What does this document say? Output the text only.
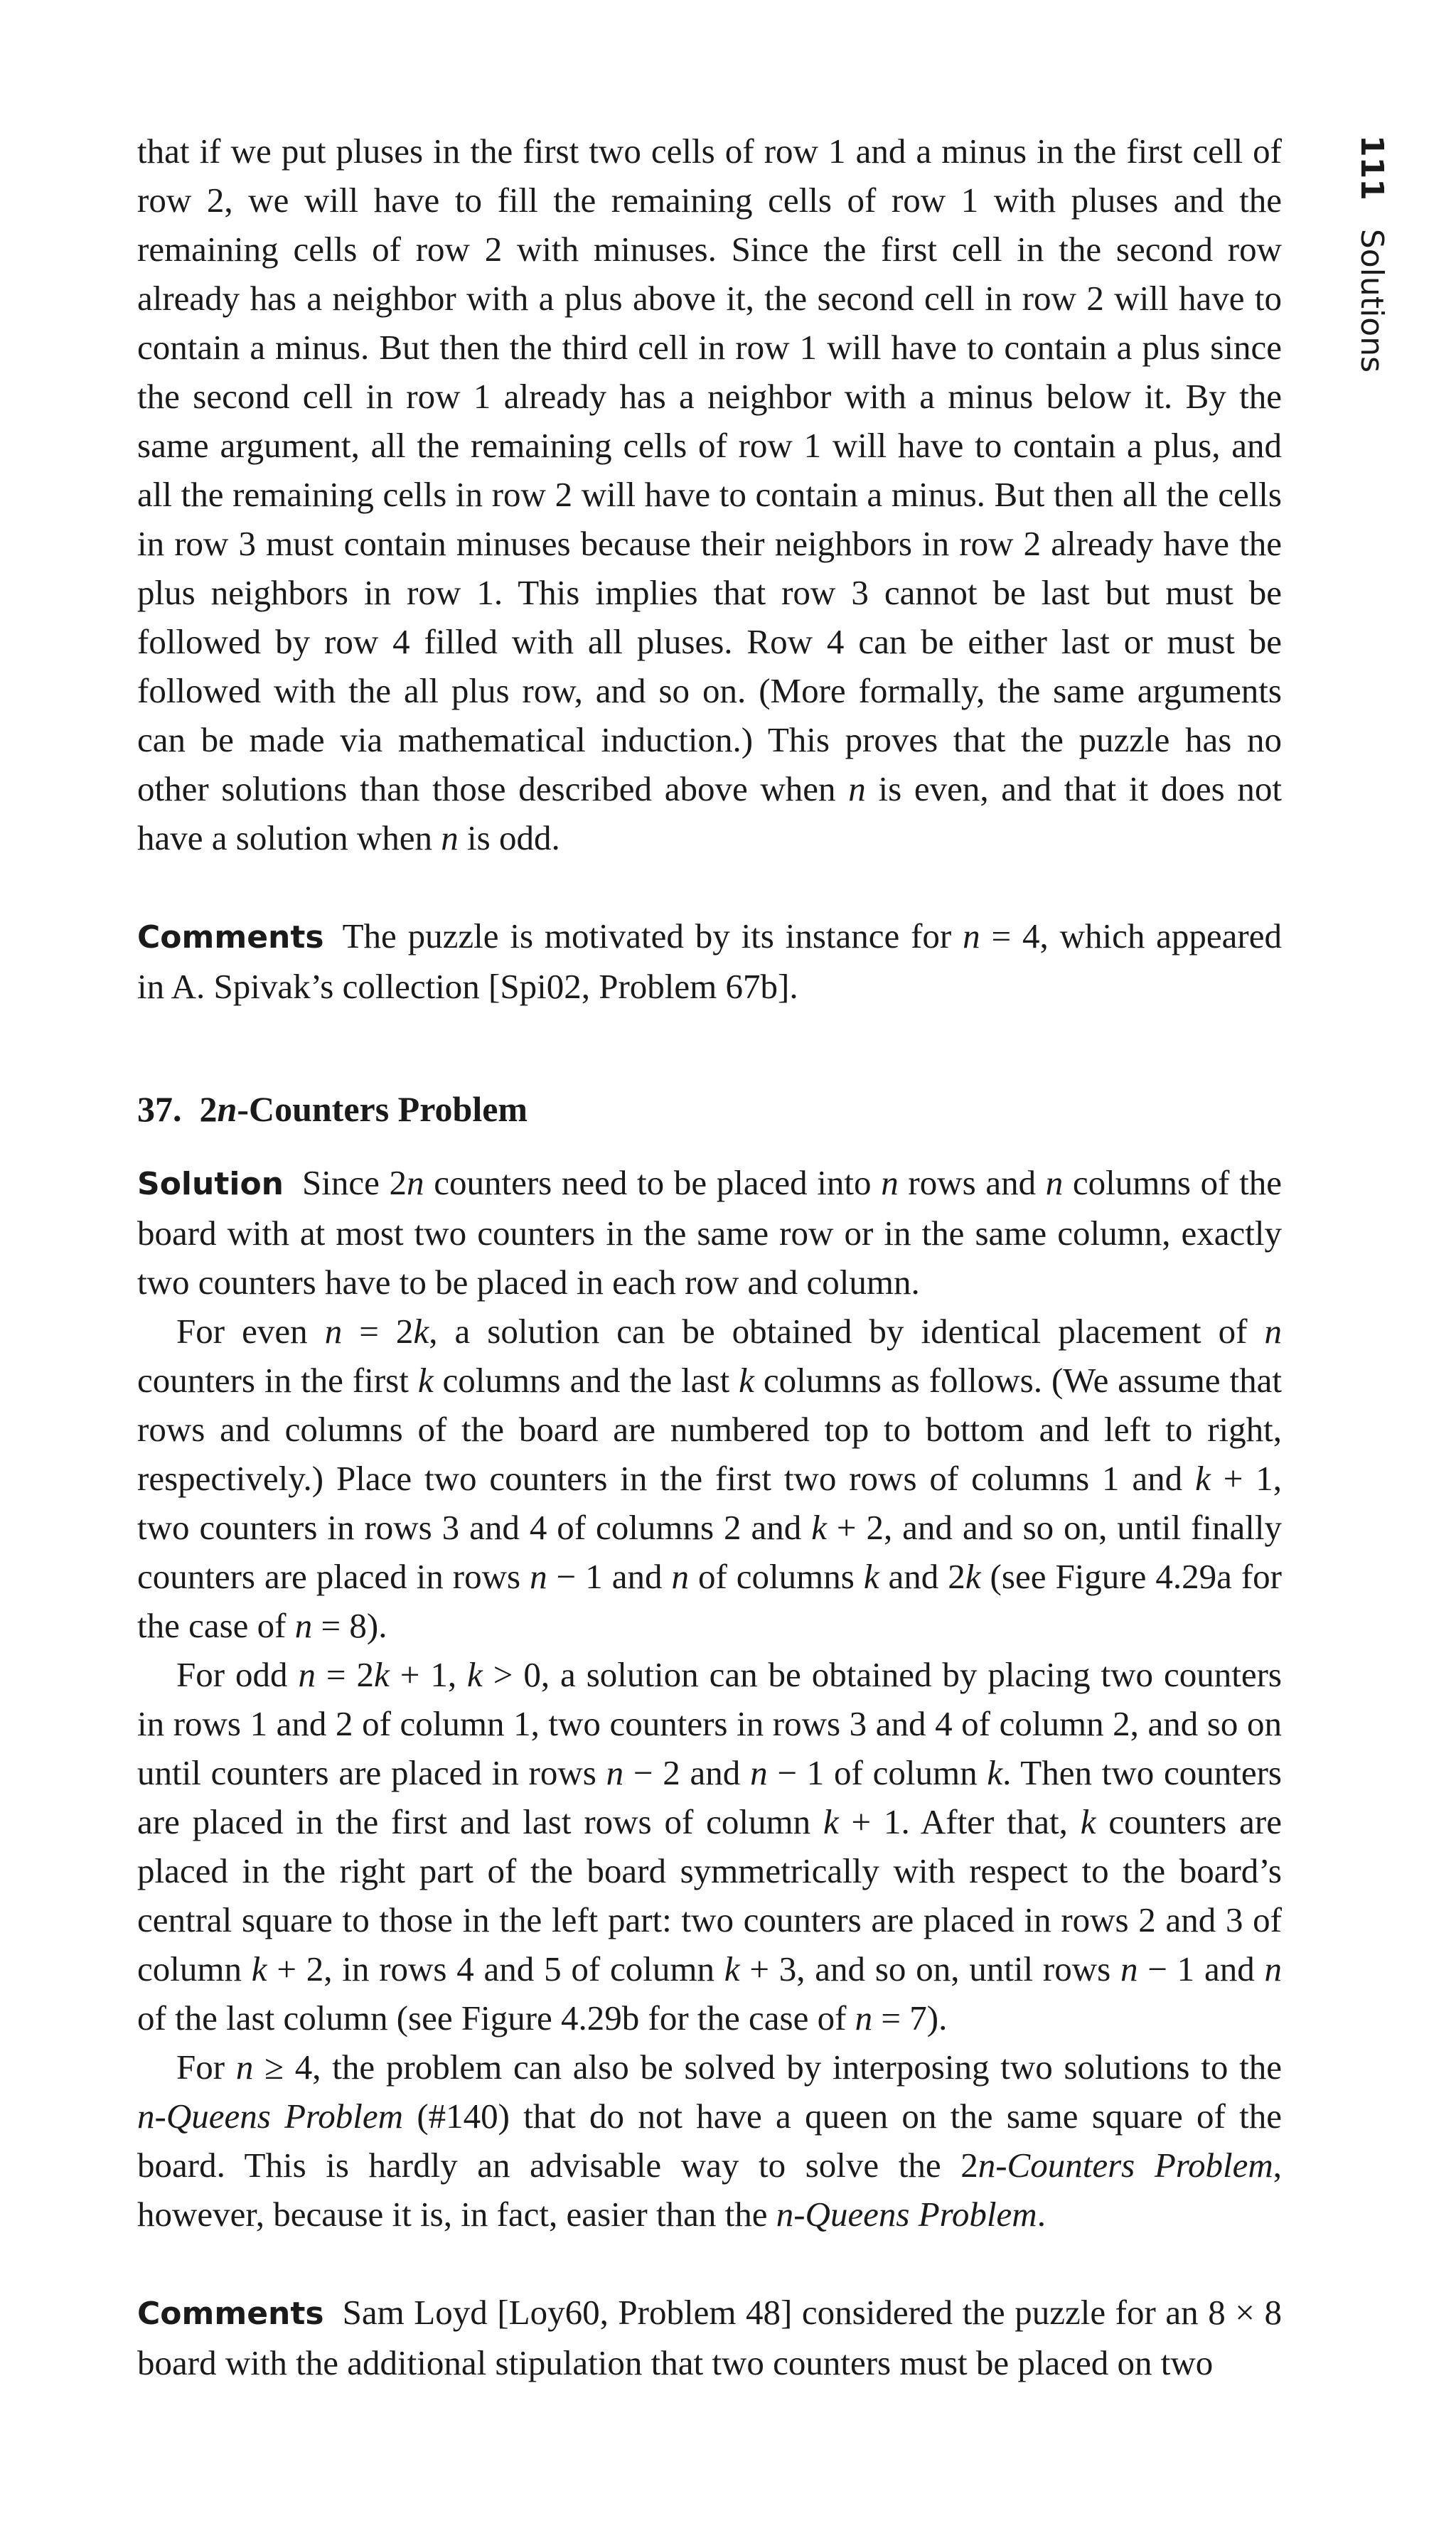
111Solutions

that if we put pluses in the first two cells of row 1 and a minus in the first cell of row 2, we will have to fill the remaining cells of row 1 with pluses and the remaining cells of row 2 with minuses. Since the first cell in the second row already has a neighbor with a plus above it, the second cell in row 2 will have to contain a minus. But then the third cell in row 1 will have to contain a plus since the second cell in row 1 already has a neighbor with a minus below it. By the same argument, all the remaining cells of row 1 will have to contain a plus, and all the remaining cells in row 2 will have to contain a minus. But then all the cells in row 3 must contain minuses because their neighbors in row 2 already have the plus neighbors in row 1. This implies that row 3 cannot be last but must be followed by row 4 filled with all pluses. Row 4 can be either last or must be followed with the all plus row, and so on. (More formally, the same arguments can be made via mathematical induction.) This proves that the puzzle has no other solutions than those described above when n is even, and that it does not have a solution when n is odd.

Comments The puzzle is motivated by its instance for n = 4, which appeared in A. Spivak’s collection [Spi02, Problem 67b].

37.  2n-Counters Problem

Solution Since 2n counters need to be placed into n rows and n columns of the board with at most two counters in the same row or in the same column, exactly two counters have to be placed in each row and column.

For even n = 2k, a solution can be obtained by identical placement of n counters in the first k columns and the last k columns as follows. (We assume that rows and columns of the board are numbered top to bottom and left to right, respectively.) Place two counters in the first two rows of columns 1 and k + 1, two counters in rows 3 and 4 of columns 2 and k + 2, and and so on, until finally counters are placed in rows n − 1 and n of columns k and 2k (see Figure 4.29a for the case of n = 8).

For odd n = 2k + 1, k > 0, a solution can be obtained by placing two counters in rows 1 and 2 of column 1, two counters in rows 3 and 4 of column 2, and so on until counters are placed in rows n − 2 and n − 1 of column k. Then two counters are placed in the first and last rows of column k + 1. After that, k counters are placed in the right part of the board symmetrically with respect to the board’s central square to those in the left part: two counters are placed in rows 2 and 3 of column k + 2, in rows 4 and 5 of column k + 3, and so on, until rows n − 1 and n of the last column (see Figure 4.29b for the case of n = 7).

For n ≥ 4, the problem can also be solved by interposing two solutions to the n-Queens Problem (#140) that do not have a queen on the same square of the board. This is hardly an advisable way to solve the 2n-Counters Problem, however, because it is, in fact, easier than the n-Queens Problem.

Comments Sam Loyd [Loy60, Problem 48] considered the puzzle for an 8 × 8 board with the additional stipulation that two counters must be placed on two
